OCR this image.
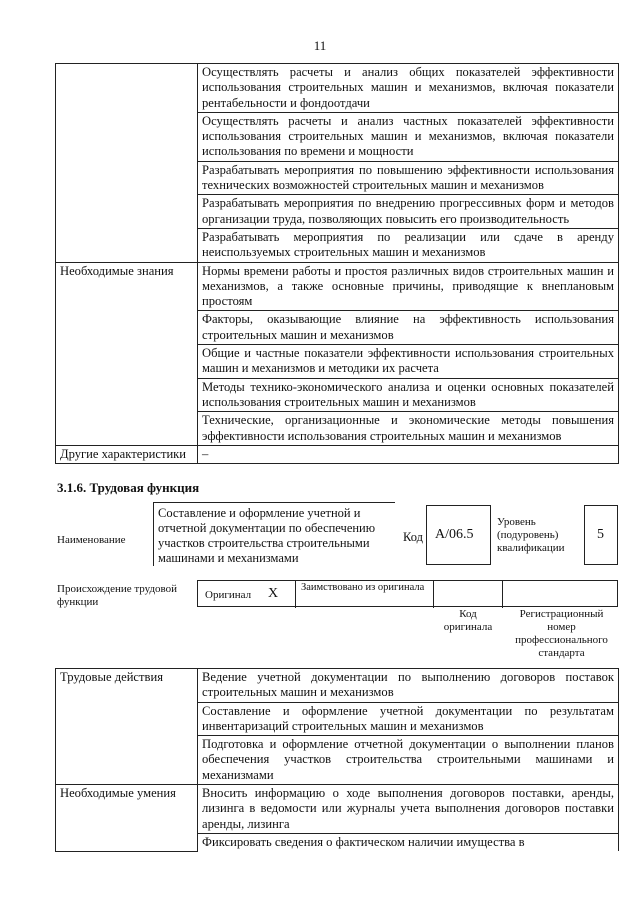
11
	Осуществлять расчеты и анализ общих показателей эффективности использования строительных машин и механизмов, включая показатели рентабельности и фондоотдачи
	Осуществлять расчеты и анализ частных показателей эффективности использования строительных машин и механизмов, включая показатели использования по времени и мощности
	Разрабатывать мероприятия по повышению эффективности использования технических возможностей строительных машин и механизмов
	Разрабатывать мероприятия по внедрению прогрессивных форм и методов организации труда, позволяющих повысить его производительность
	Разрабатывать мероприятия по реализации или сдаче в аренду неиспользуемых строительных машин и механизмов
Необходимые знания	Нормы времени работы и простоя различных видов строительных машин и механизмов, а также основные причины, приводящие к внеплановым простоям
	Факторы, оказывающие влияние на эффективность использования строительных машин и механизмов
	Общие и частные показатели эффективности использования строительных машин и механизмов и методики их расчета
	Методы технико-экономического анализа и оценки основных показателей использования строительных машин и механизмов
	Технические, организационные и экономические методы повышения эффективности использования строительных машин и механизмов
Другие характеристики	–
3.1.6. Трудовая функция
Наименование
Составление и оформление учетной и отчетной документации по обеспечению участков строительства строительными машинами и механизмами
Код A/06.5
Уровень (подуровень) квалификации
5
Происхождение трудовой функции
Оригинал X Заимствовано из оригинала
Код оригинала
Регистрационный номер профессионального стандарта
Трудовые действия	Ведение учетной документации по выполнению договоров поставок строительных машин и механизмов
	Составление и оформление учетной документации по результатам инвентаризаций строительных машин и механизмов
	Подготовка и оформление отчетной документации о выполнении планов обеспечения участков строительства строительными машинами и механизмами
Необходимые умения	Вносить информацию о ходе выполнения договоров поставки, аренды, лизинга в ведомости или журналы учета выполнения договоров поставки аренды, лизинга
	Фиксировать сведения о фактическом наличии имущества в
